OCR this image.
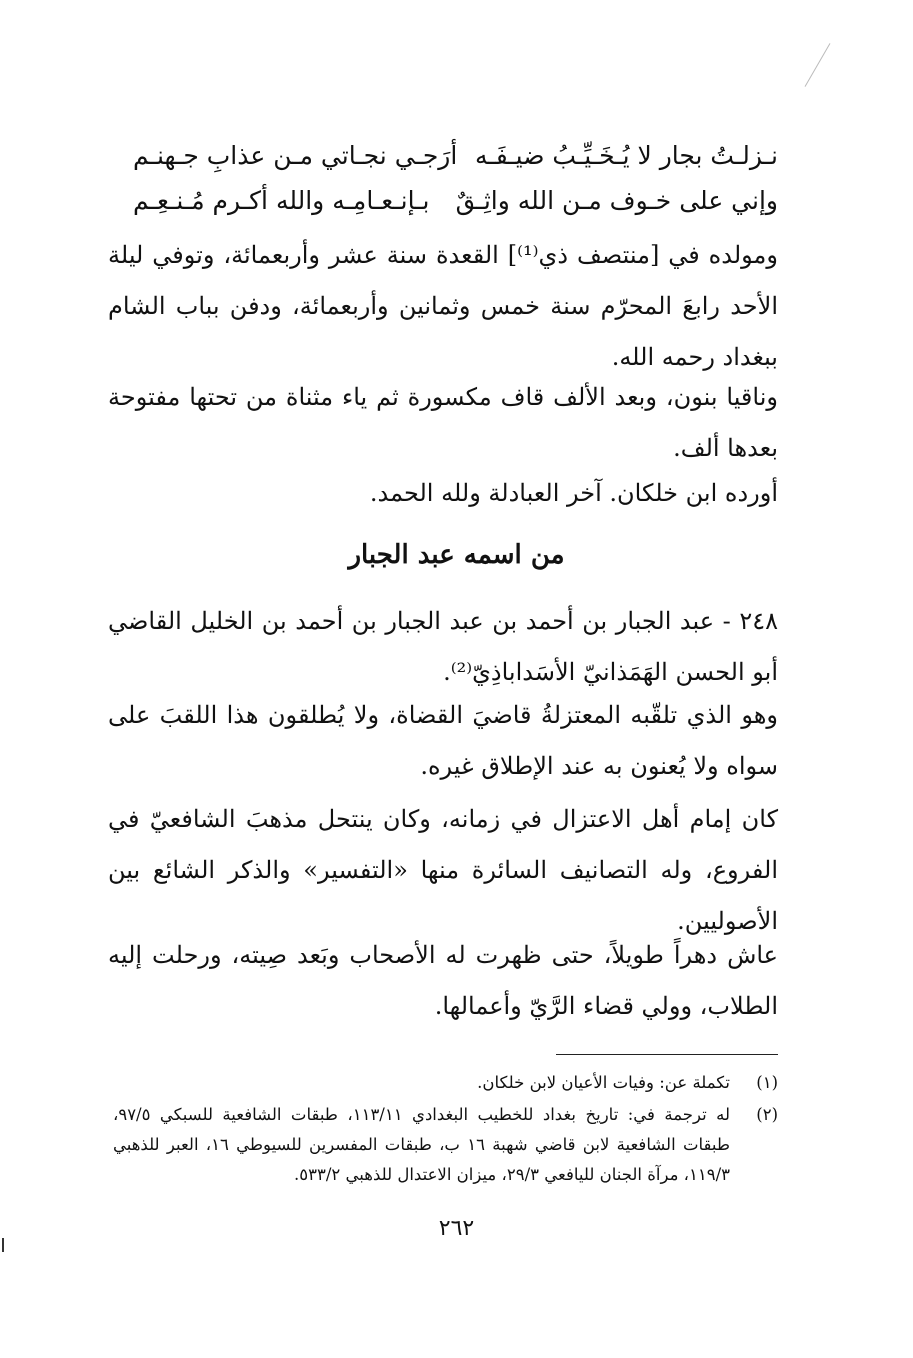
نـزلـتُ بجار لا يُـخَـيِّـبُ ضيـفَـه
أرَجـي نجـاتي مـن عذابِ جـهنـم
وإني على خـوف مـن الله واثِـقٌ
بـإنـعـامِـه والله أكـرم مُـنـعِـم

ومولده في [منتصف ذي⁽¹⁾] القعدة سنة عشر وأربعمائة، وتوفي ليلة الأحد رابعَ المحرّم سنة خمس وثمانين وأربعمائة، ودفن بباب الشام ببغداد رحمه الله.

وناقيا بنون، وبعد الألف قاف مكسورة ثم ياء مثناة من تحتها مفتوحة بعدها ألف.

أورده ابن خلكان. آخر العبادلة ولله الحمد.

من اسمه عبد الجبار

٢٤٨ - عبد الجبار بن أحمد بن عبد الجبار بن أحمد بن الخليل القاضي أبو الحسن الهَمَذانيّ الأسَداباذِيّ⁽²⁾.

وهو الذي تلقّبه المعتزلةُ قاضيَ القضاة، ولا يُطلقون هذا اللقبَ على سواه ولا يُعنون به عند الإطلاق غيره.

كان إمام أهل الاعتزال في زمانه، وكان ينتحل مذهبَ الشافعيّ في الفروع، وله التصانيف السائرة منها «التفسير» والذكر الشائع بين الأصوليين.

عاش دهراً طويلاً، حتى ظهرت له الأصحاب وبَعد صِيته، ورحلت إليه الطلاب، وولي قضاء الرَّيّ وأعمالها.

(١)
تكملة عن: وفيات الأعيان لابن خلكان.
(٢)
له ترجمة في: تاريخ بغداد للخطيب البغدادي ١١٣/١١، طبقات الشافعية للسبكي ٩٧/٥، طبقات الشافعية لابن قاضي شهبة ١٦ ب، طبقات المفسرين للسيوطي ١٦، العبر للذهبي ١١٩/٣، مرآة الجنان لليافعي ٢٩/٣، ميزان الاعتدال للذهبي ٥٣٣/٢.
٢٦٢
